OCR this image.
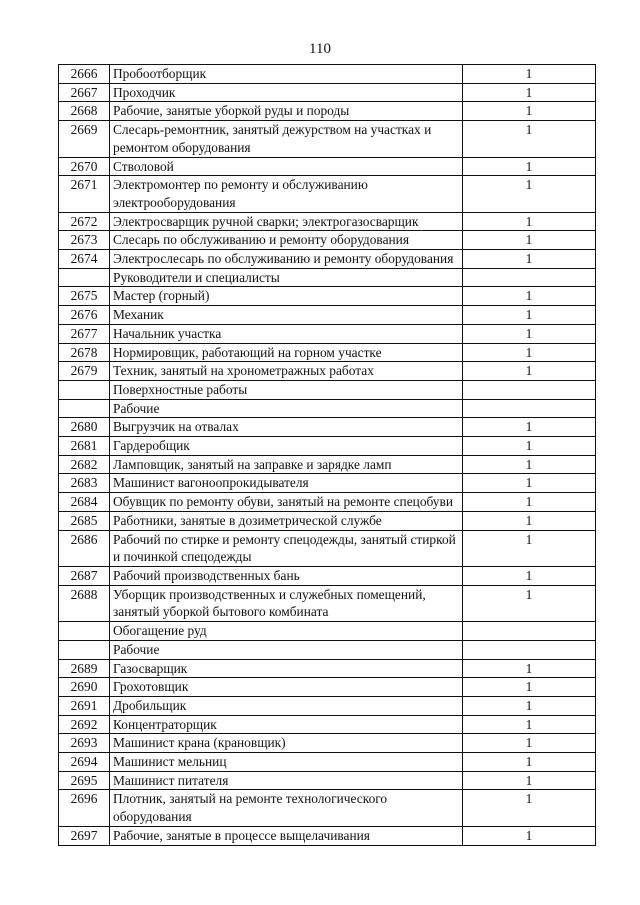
110
2666	Пробоотборщик	1
2667	Проходчик	1
2668	Рабочие, занятые уборкой руды и породы	1
2669	Слесарь-ремонтник, занятый дежурством на участках и ремонтом оборудования	1
2670	Стволовой	1
2671	Электромонтер по ремонту и обслуживанию электрооборудования	1
2672	Электросварщик ручной сварки; электрогазосварщик	1
2673	Слесарь по обслуживанию и ремонту оборудования	1
2674	Электрослесарь по обслуживанию и ремонту оборудования	1
	Руководители и специалисты	
2675	Мастер (горный)	1
2676	Механик	1
2677	Начальник участка	1
2678	Нормировщик, работающий на горном участке	1
2679	Техник, занятый на хронометражных работах	1
	Поверхностные работы	
	Рабочие	
2680	Выгрузчик на отвалах	1
2681	Гардеробщик	1
2682	Ламповщик, занятый на заправке и зарядке ламп	1
2683	Машинист вагоноопрокидывателя	1
2684	Обувщик по ремонту обуви, занятый на ремонте спецобуви	1
2685	Работники, занятые в дозиметрической службе	1
2686	Рабочий по стирке и ремонту спецодежды, занятый стиркой и починкой спецодежды	1
2687	Рабочий производственных бань	1
2688	Уборщик производственных и служебных помещений, занятый уборкой бытового комбината	1
	Обогащение руд	
	Рабочие	
2689	Газосварщик	1
2690	Грохотовщик	1
2691	Дробильщик	1
2692	Концентраторщик	1
2693	Машинист крана (крановщик)	1
2694	Машинист мельниц	1
2695	Машинист питателя	1
2696	Плотник, занятый на ремонте технологического оборудования	1
2697	Рабочие, занятые в процессе выщелачивания	1
